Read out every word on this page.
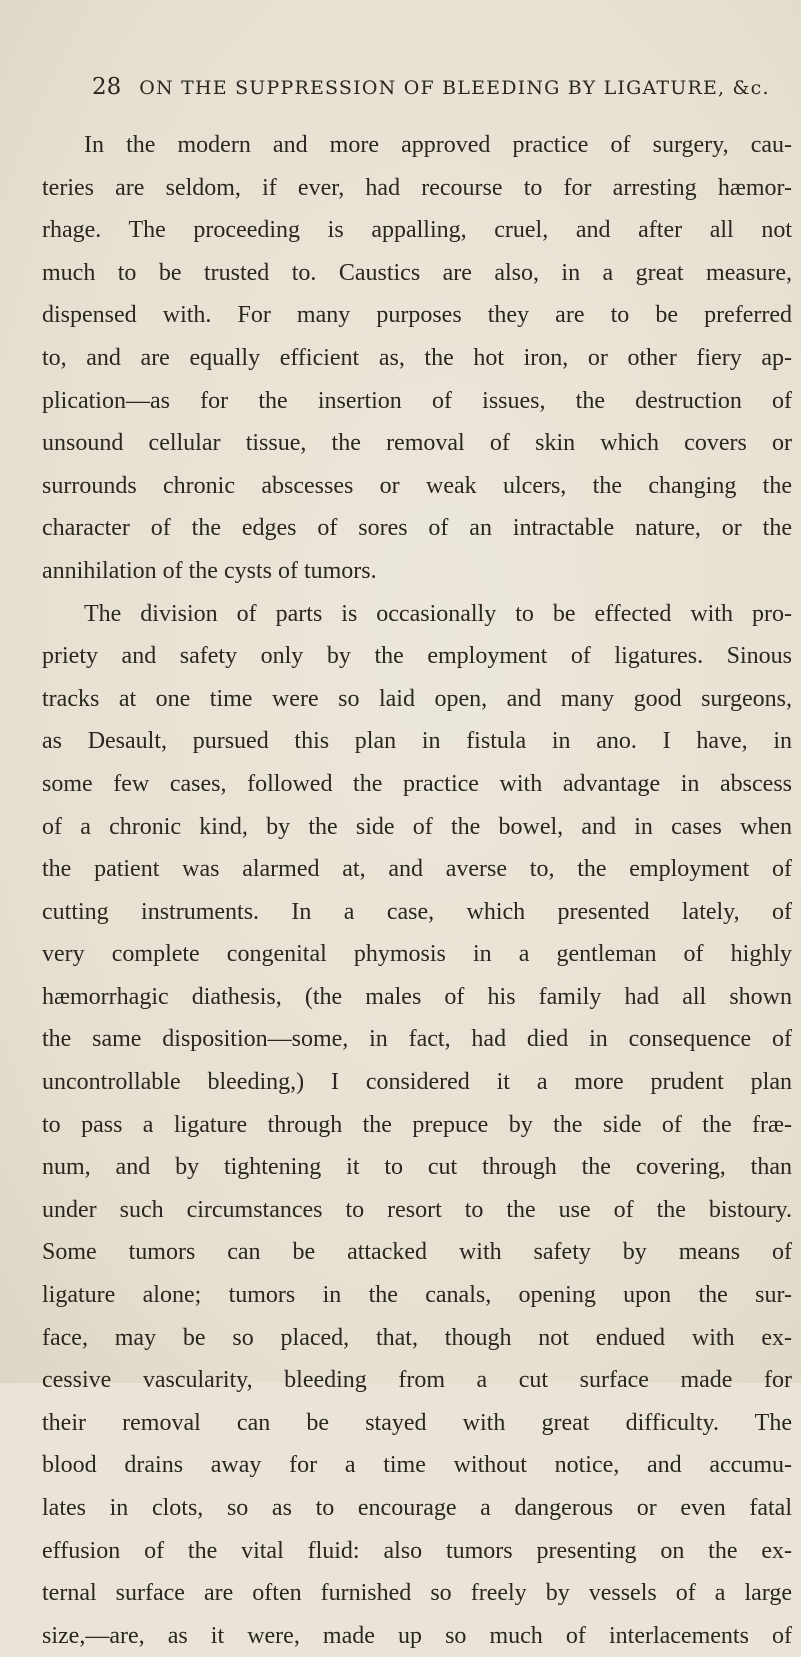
28 ON THE SUPPRESSION OF BLEEDING BY LIGATURE, &c.
In the modern and more approved practice of surgery, cau-
teries are seldom, if ever, had recourse to for arresting hæmor-
rhage. The proceeding is appalling, cruel, and after all not
much to be trusted to. Caustics are also, in a great measure,
dispensed with. For many purposes they are to be preferred
to, and are equally efficient as, the hot iron, or other fiery ap-
plication—as for the insertion of issues, the destruction of
unsound cellular tissue, the removal of skin which covers or
surrounds chronic abscesses or weak ulcers, the changing the
character of the edges of sores of an intractable nature, or the
annihilation of the cysts of tumors.
The division of parts is occasionally to be effected with pro-
priety and safety only by the employment of ligatures. Sinous
tracks at one time were so laid open, and many good surgeons,
as Desault, pursued this plan in fistula in ano. I have, in
some few cases, followed the practice with advantage in abscess
of a chronic kind, by the side of the bowel, and in cases when
the patient was alarmed at, and averse to, the employment of
cutting instruments. In a case, which presented lately, of
very complete congenital phymosis in a gentleman of highly
hæmorrhagic diathesis, (the males of his family had all shown
the same disposition—some, in fact, had died in consequence of
uncontrollable bleeding,) I considered it a more prudent plan
to pass a ligature through the prepuce by the side of the fræ-
num, and by tightening it to cut through the covering, than
under such circumstances to resort to the use of the bistoury.
Some tumors can be attacked with safety by means of
ligature alone; tumors in the canals, opening upon the sur-
face, may be so placed, that, though not endued with ex-
cessive vascularity, bleeding from a cut surface made for
their removal can be stayed with great difficulty. The
blood drains away for a time without notice, and accumu-
lates in clots, so as to encourage a dangerous or even fatal
effusion of the vital fluid: also tumors presenting on the ex-
ternal surface are often furnished so freely by vessels of a large
size,—are, as it were, made up so much of interlacements of
